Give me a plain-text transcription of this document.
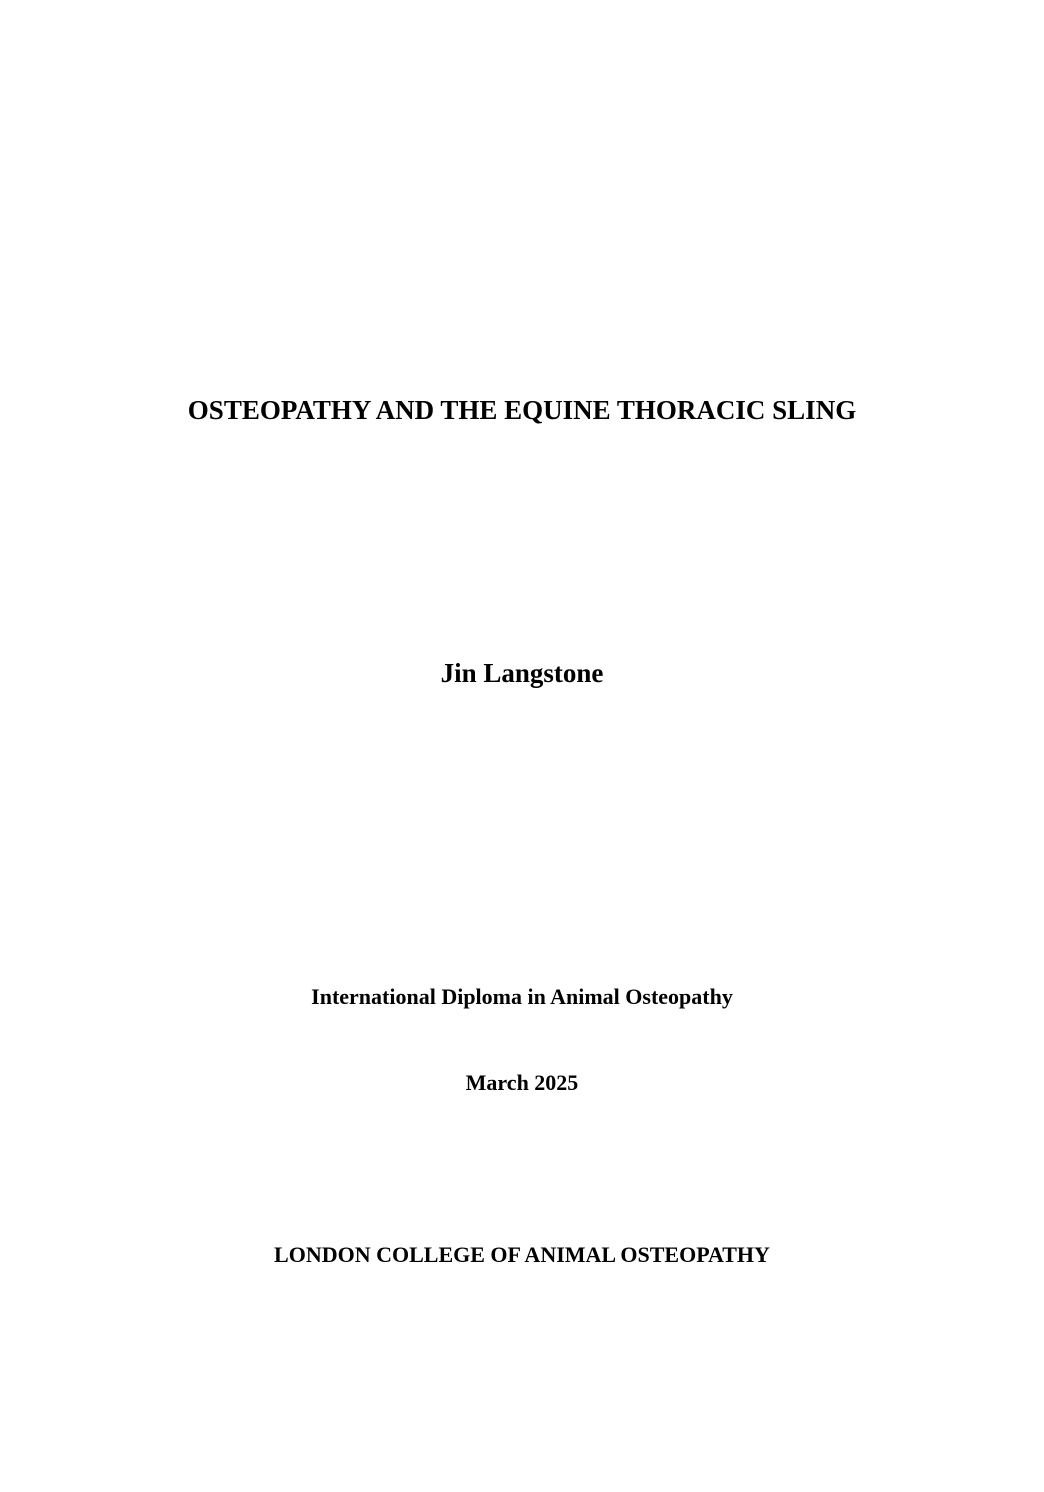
OSTEOPATHY AND THE EQUINE THORACIC SLING

Jin Langstone

International Diploma in Animal Osteopathy

March 2025

LONDON COLLEGE OF ANIMAL OSTEOPATHY
